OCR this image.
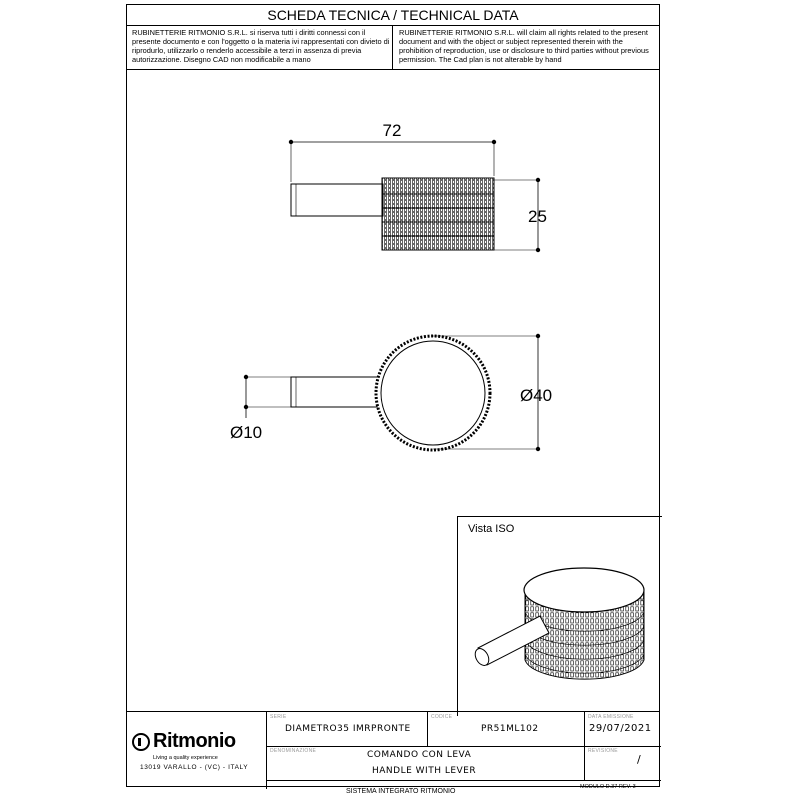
SCHEDA TECNICA / TECHNICAL DATA
RUBINETTERIE RITMONIO S.R.L. si riserva tutti i diritti connessi con il presente documento e con l'oggetto o la materia ivi rappresentati con divieto di riprodurlo, utilizzarlo o renderlo accessibile a terzi in assenza di previa autorizzazione. Disegno CAD non modificabile a mano
RUBINETTERIE RITMONIO S.R.L. will claim all rights related to the present document and with the object or subject represented therein with the prohibition of reproduction, use or disclosure to third parties without previous permission. The Cad plan is not alterable by hand
Vista ISO
Ritmonio
Living a quality experience
13019 VARALLO - (VC) - ITALY
SERIE
DIAMETRO35 IMRPRONTE
CODICE
PR51ML102
DATA EMISSIONE
29/07/2021
DENOMINAZIONE	COMANDO CON LEVA
HANDLE WITH LEVER
REVISIONE
/
72
25
Ø40
Ø10
SISTEMA INTEGRATO RITMONIO
MODULO D.37 REV. 3
